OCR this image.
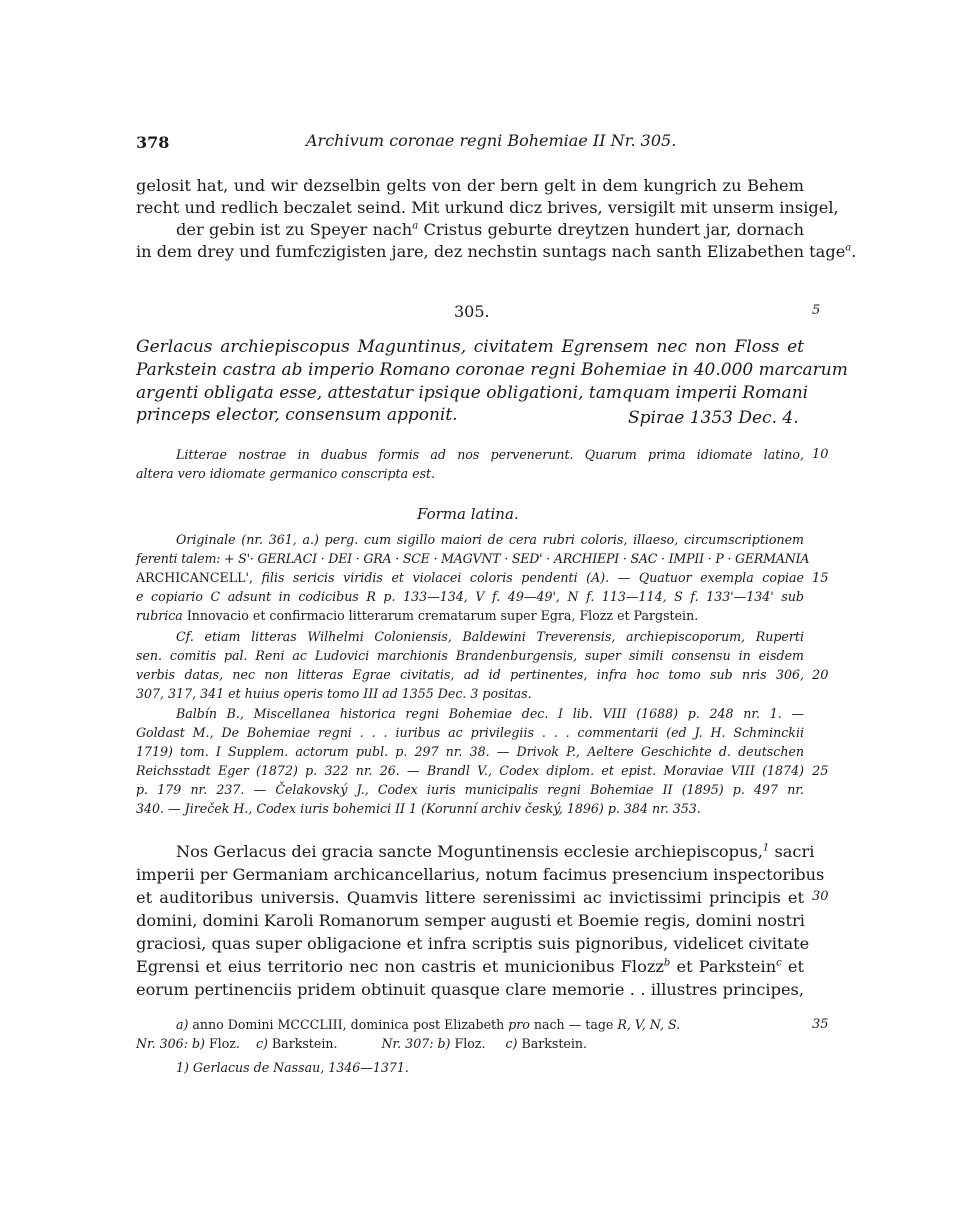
378	Archivum coronae regni Bohemiae II Nr. 305.
gelosit hat, und wir dezselbin gelts von der bern gelt in dem kungrich zu Behem
recht und redlich beczalet seind. Mit urkund dicz brives, versigilt mit unserm insigel,
der gebin ist zu Speyer nach$^a$ Cristus geburte dreytzen hundert jar, dornach
in dem drey und fumfczigisten jare, dez nechstin suntags nach santh Elizabethen tage$^a$.
305.	5
Gerlacus archiepiscopus Maguntinus, civitatem Egrensem nec non Floss et
Parkstein castra ab imperio Romano coronae regni Bohemiae in 40.000 marcarum
argenti obligata esse, attestatur ipsique obligationi, tamquam imperii Romani
princeps elector, consensum apponit.	Spirae 1353 Dec. 4.
Litterae nostrae in duabus formis ad nos pervenerunt. Quarum prima idiomate latino, 10
altera vero idiomate germanico conscripta est.
Forma latina.
Originale (nr. 361, a.) perg. cum sigillo maiori de cera rubri coloris, illaeso, circumscriptionem
ferenti talem: + S'· GERLACI · DEI · GRA · SCE · MAGVNT · SED' · ARCHIEPI · SAC · IMPII · P · GERMANIA
ARCHICANCELL', filis sericis viridis et violacei coloris pendenti (A). — Quatuor exempla copiae 15
e copiario C adsunt in codicibus R p. 133—134, V f. 49—49', N f. 113—114, S f. 133'—134' sub
rubrica Innovacio et confirmacio litterarum crematarum super Egra, Flozz et Pargstein.
Cf. etiam litteras Wilhelmi Coloniensis, Baldewini Treverensis, archiepiscoporum, Ruperti
sen. comitis pal. Reni ac Ludovici marchionis Brandenburgensis, super simili consensu in eisdem
verbis datas, nec non litteras Egrae civitatis, ad id pertinentes, infra hoc tomo sub nris 306, 20
307, 317, 341 et huius operis tomo III ad 1355 Dec. 3 positas.
Balbín B., Miscellanea historica regni Bohemiae dec. I lib. VIII (1688) p. 248 nr. 1. —
Goldast M., De Bohemiae regni . . . iuribus ac privilegiis . . . commentarii (ed J. H. Schminckii
1719) tom. I Supplem. actorum publ. p. 297 nr. 38. — Drivok P., Aeltere Geschichte d. deutschen
Reichsstadt Eger (1872) p. 322 nr. 26. — Brandl V., Codex diplom. et epist. Moraviae VIII (1874) 25
p. 179 nr. 237. — Čelakovský J., Codex iuris municipalis regni Bohemiae II (1895) p. 497 nr.
340. — Jireček H., Codex iuris bohemici II 1 (Korunní archiv český, 1896) p. 384 nr. 353.
Nos Gerlacus dei gracia sancte Moguntinensis ecclesie archiepiscopus,$^1$ sacri
imperii per Germaniam archicancellarius, notum facimus presencium inspectoribus
et auditoribus universis. Quamvis littere serenissimi ac invictissimi principis et 30
domini, domini Karoli Romanorum semper augusti et Boemie regis, domini nostri
graciosi, quas super obligacione et infra scriptis suis pignoribus, videlicet civitate
Egrensi et eius territorio nec non castris et municionibus Flozz$^b$ et Parkstein$^c$ et
eorum pertinenciis pridem obtinuit quasque clare memorie . . illustres principes,
a) anno Domini MCCCLIII, dominica post Elizabeth pro nach — tage R, V, N, S.	35
Nr. 306: b) Floz. c) Barkstein.	Nr. 307: b) Floz. c) Barkstein.
1) Gerlacus de Nassau, 1346—1371.
